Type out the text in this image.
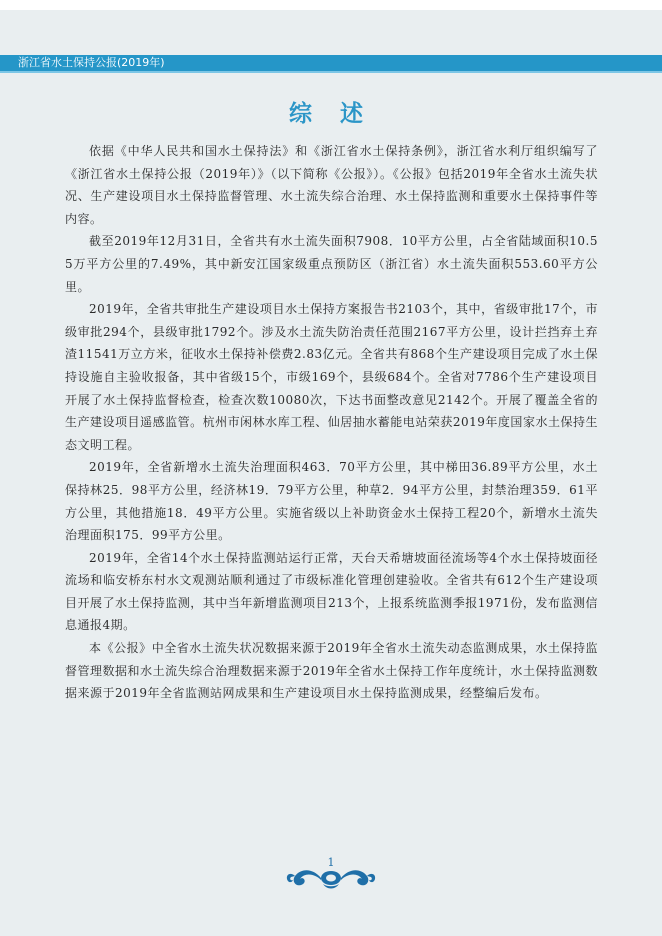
浙江省水土保持公报(2019年)
综 述

依据《中华人民共和国水土保持法》和《浙江省水土保持条例》，浙江省水利厅组织编写了《浙江省水土保持公报（2019年）》（以下简称《公报》）。《公报》包括2019年全省水土流失状况、生产建设项目水土保持监督管理、水土流失综合治理、水土保持监测和重要水土保持事件等内容。

截至2019年12月31日，全省共有水土流失面积7908．10平方公里，占全省陆域面积10.55万平方公里的7.49%，其中新安江国家级重点预防区（浙江省）水土流失面积553.60平方公里。

2019年，全省共审批生产建设项目水土保持方案报告书2103个，其中，省级审批17个，市级审批294个，县级审批1792个。涉及水土流失防治责任范围2167平方公里，设计拦挡弃土弃渣11541万立方米，征收水土保持补偿费2.83亿元。全省共有868个生产建设项目完成了水土保持设施自主验收报备，其中省级15个，市级169个，县级684个。全省对7786个生产建设项目开展了水土保持监督检查，检查次数10080次，下达书面整改意见2142个。开展了覆盖全省的生产建设项目遥感监管。杭州市闲林水库工程、仙居抽水蓄能电站荣获2019年度国家水土保持生态文明工程。

2019年，全省新增水土流失治理面积463．70平方公里，其中梯田36.89平方公里，水土保持林25．98平方公里，经济林19．79平方公里，种草2．94平方公里，封禁治理359．61平方公里，其他措施18．49平方公里。实施省级以上补助资金水土保持工程20个，新增水土流失治理面积175．99平方公里。

2019年，全省14个水土保持监测站运行正常，天台天希塘坡面径流场等4个水土保持坡面径流场和临安桥东村水文观测站顺利通过了市级标准化管理创建验收。全省共有612个生产建设项目开展了水土保持监测，其中当年新增监测项目213个，上报系统监测季报1971份，发布监测信息通报4期。

本《公报》中全省水土流失状况数据来源于2019年全省水土流失动态监测成果，水土保持监督管理数据和水土流失综合治理数据来源于2019年全省水土保持工作年度统计，水土保持监测数据来源于2019年全省监测站网成果和生产建设项目水土保持监测成果，经整编后发布。

1
